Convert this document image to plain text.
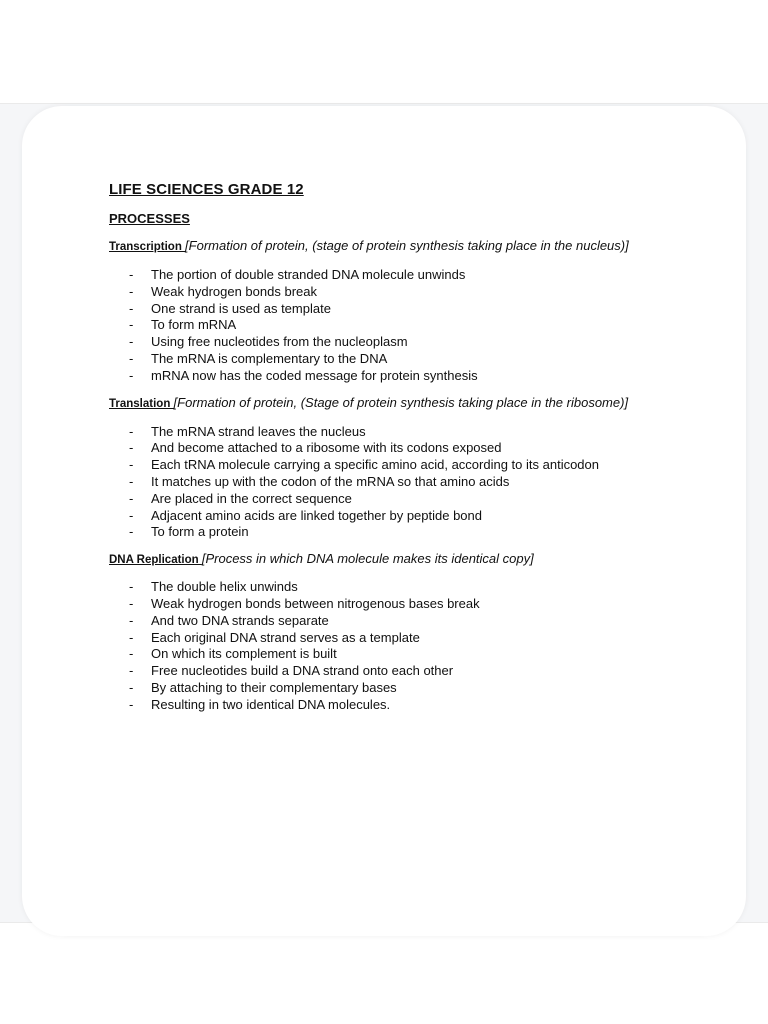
LIFE SCIENCES GRADE 12
PROCESSES

Transcription [Formation of protein, (stage of protein synthesis taking place in the nucleus)]

- The portion of double stranded DNA molecule unwinds
- Weak hydrogen bonds break
- One strand is used as template
- To form mRNA
- Using free nucleotides from the nucleoplasm
- The mRNA is complementary to the DNA
- mRNA now has the coded message for protein synthesis

Translation [Formation of protein, (Stage of protein synthesis taking place in the ribosome)]

- The mRNA strand leaves the nucleus
- And become attached to a ribosome with its codons exposed
- Each tRNA molecule carrying a specific amino acid, according to its anticodon
- It matches up with the codon of the mRNA so that amino acids
- Are placed in the correct sequence
- Adjacent amino acids are linked together by peptide bond
- To form a protein

DNA Replication [Process in which DNA molecule makes its identical copy]

- The double helix unwinds
- Weak hydrogen bonds between nitrogenous bases break
- And two DNA strands separate
- Each original DNA strand serves as a template
- On which its complement is built
- Free nucleotides build a DNA strand onto each other
- By attaching to their complementary bases
- Resulting in two identical DNA molecules.
